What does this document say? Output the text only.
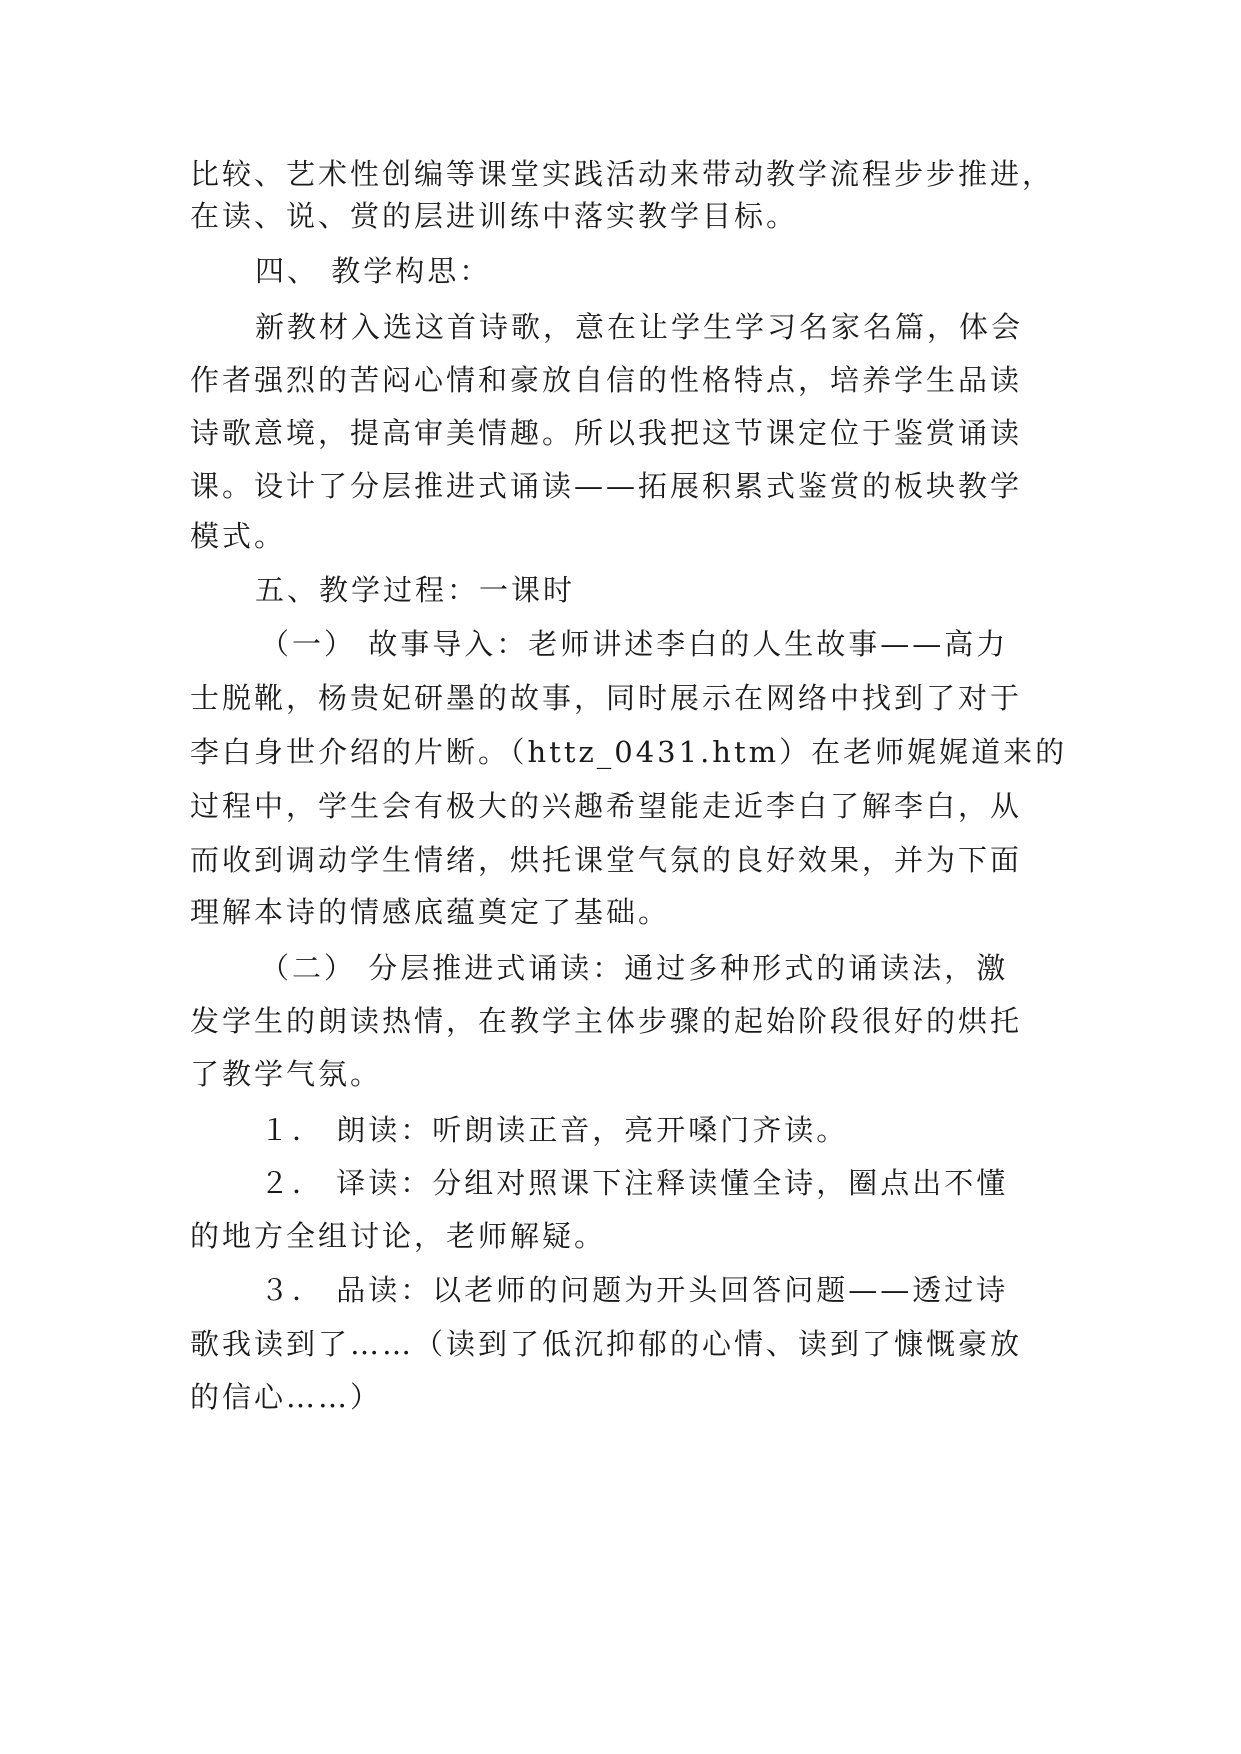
比较、艺术性创编等课堂实践活动来带动教学流程步步推进，
在读、说、赏的层进训练中落实教学目标。
四、 教学构思：
新教材入选这首诗歌，意在让学生学习名家名篇，体会
作者强烈的苦闷心情和豪放自信的性格特点，培养学生品读
诗歌意境，提高审美情趣。所以我把这节课定位于鉴赏诵读
课。设计了分层推进式诵读——拓展积累式鉴赏的板块教学
模式。
五、教学过程：一课时
（一） 故事导入：老师讲述李白的人生故事——高力
士脱靴，杨贵妃研墨的故事，同时展示在网络中找到了对于
李白身世介绍的片断。（httz_0431.htm）在老师娓娓道来的
过程中，学生会有极大的兴趣希望能走近李白了解李白，从
而收到调动学生情绪，烘托课堂气氛的良好效果，并为下面
理解本诗的情感底蕴奠定了基础。
（二） 分层推进式诵读：通过多种形式的诵读法，激
发学生的朗读热情，在教学主体步骤的起始阶段很好的烘托
了教学气氛。
１． 朗读：听朗读正音，亮开嗓门齐读。
２． 译读：分组对照课下注释读懂全诗，圈点出不懂
的地方全组讨论，老师解疑。
３． 品读：以老师的问题为开头回答问题——透过诗
歌我读到了……（读到了低沉抑郁的心情、读到了慷慨豪放
的信心……）
